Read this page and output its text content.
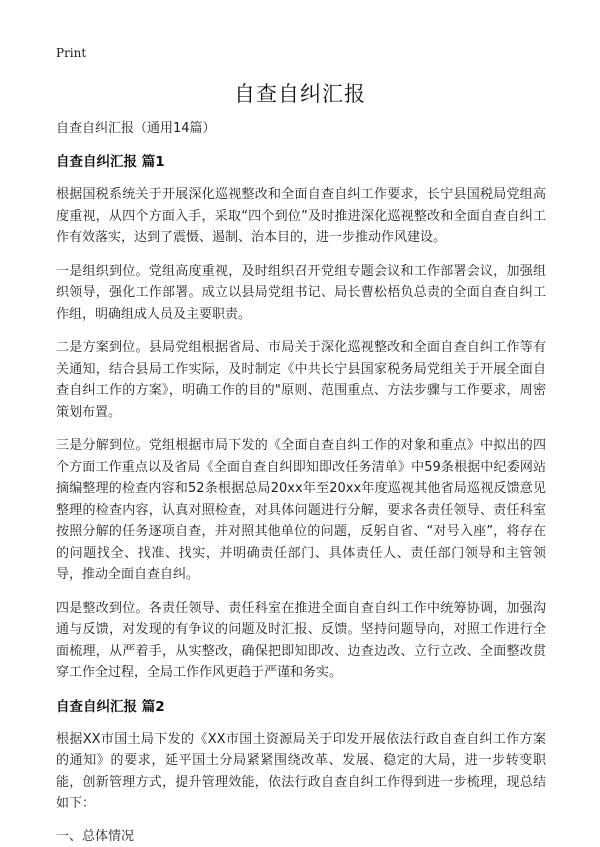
Print
自查自纠汇报

自查自纠汇报（通用14篇）

自查自纠汇报 篇1

根据国税系统关于开展深化巡视整改和全面自查自纠工作要求，长宁县国税局党组高度重视，从四个方面入手，采取“四个到位”及时推进深化巡视整改和全面自查自纠工作有效落实，达到了震慑、遏制、治本目的，进一步推动作风建设。

一是组织到位。党组高度重视，及时组织召开党组专题会议和工作部署会议，加强组织领导，强化工作部署。成立以县局党组书记、局长曹松梧负总责的全面自查自纠工作组，明确组成人员及主要职责。

二是方案到位。县局党组根据省局、市局关于深化巡视整改和全面自查自纠工作等有关通知，结合县局工作实际，及时制定《中共长宁县国家税务局党组关于开展全面自查自纠工作的方案》，明确工作的目的"原则、范围重点、方法步骤与工作要求，周密策划布置。

三是分解到位。党组根据市局下发的《全面自查自纠工作的对象和重点》中拟出的四个方面工作重点以及省局《全面自查自纠即知即改任务清单》中59条根据中纪委网站摘编整理的检查内容和52条根据总局20xx年至20xx年度巡视其他省局巡视反馈意见整理的检查内容，认真对照检查，对具体问题进行分解，要求各责任领导、责任科室按照分解的任务逐项自查，并对照其他单位的问题，反躬自省、“对号入座”，将存在的问题找全、找准、找实，并明确责任部门、具体责任人、责任部门领导和主管领导，推动全面自查自纠。

四是整改到位。各责任领导、责任科室在推进全面自查自纠工作中统筹协调，加强沟通与反馈，对发现的有争议的问题及时汇报、反馈。坚持问题导向，对照工作进行全面梳理，从严着手，从实整改，确保把即知即改、边查边改、立行立改、全面整改贯穿工作全过程，全局工作作风更趋于严谨和务实。

自查自纠汇报 篇2

根据XX市国土局下发的《XX市国土资源局关于印发开展依法行政自查自纠工作方案的通知》的要求，延平国土分局紧紧围绕改革、发展、稳定的大局，进一步转变职能，创新管理方式，提升管理效能，依法行政自查自纠工作得到进一步梳理，现总结如下：

一、总体情况
